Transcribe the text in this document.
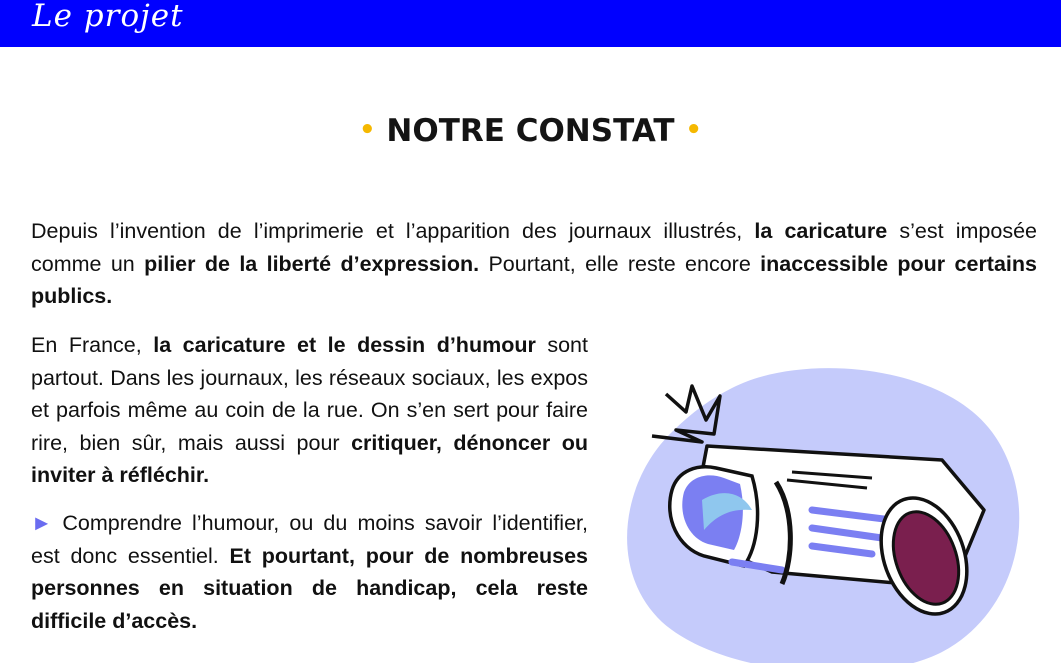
Le projet
• NOTRE CONSTAT •

Depuis l’invention de l’imprimerie et l’apparition des journaux illustrés, la caricature s’est imposée comme un pilier de la liberté d’expression. Pourtant, elle reste encore inaccessible pour certains publics.

En France, la caricature et le dessin d’humour sont partout. Dans les journaux, les réseaux sociaux, les expos et parfois même au coin de la rue. On s’en sert pour faire rire, bien sûr, mais aussi pour critiquer, dénoncer ou inviter à réfléchir.

► Comprendre l’humour, ou du moins savoir l’identifier, est donc essentiel. Et pourtant, pour de nombreuses personnes en situation de handicap, cela reste difficile d’accès.
